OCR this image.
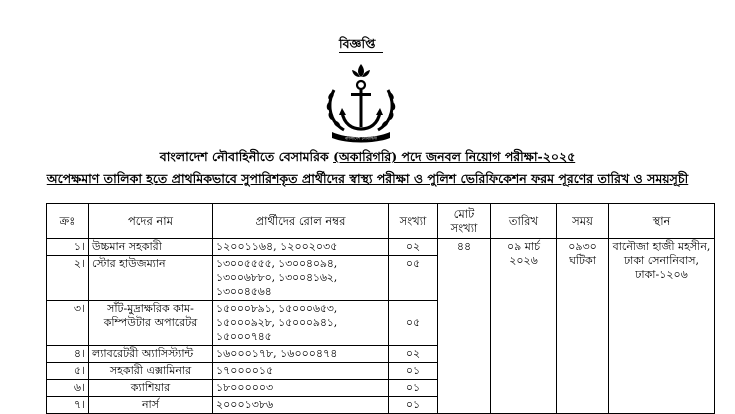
বিজ্ঞপ্তি
বাংলাদেশ নৌবাহিনী
বাংলাদেশ নৌবাহিনীতে বেসামরিক (অকারিগরি) পদে জনবল নিয়োগ পরীক্ষা-২০২৫
অপেক্ষমাণ তালিকা হতে প্রাথমিকভাবে সুপারিশকৃত প্রার্থীদের স্বাস্থ্য পরীক্ষা ও পুলিশ ভেরিফিকেশন ফরম পূরণের তারিখ ও সময়সূচী
ক্রঃ	পদের নাম	প্রার্থীদের রোল নম্বর	সংখ্যা	মোট সংখ্যা	তারিখ	সময়	স্থান
১।	উচ্চমান সহকারী	১২০০১১৬৪, ১২০০২০৩৫	০২	৪৪	০৯ মার্চ ২০২৬	০৯৩০ ঘটিকা	বানৌজা হাজী মহসীন, ঢাকা সেনানিবাস, ঢাকা-১২০৬
২।	স্টোর হাউজম্যান	১৩০০৫৫৫৫, ১৩০০৪০৯৪, ১৩০০৬৮৮০, ১৩০০৪১৬২, ১৩০০৪৫৬৪	০৫				
৩।	সাঁট-মুদ্রাক্ষরিক কাম-কম্পিউটার অপারেটর	১৫০০০৮৯১, ১৫০০০৬৫৩, ১৫০০০৯২৮, ১৫০০০৯৪১, ১৫০০০৭৪৫	০৫				
৪।	ল্যাবরেটরী অ্যাসিস্ট্যান্ট	১৬০০০১৭৮, ১৬০০০৪৭৪	০২				
৫।	সহকারী এক্সামিনার	১৭০০০০১৫	০১				
৬।	ক্যাশিয়ার	১৮০০০০০৩	০১				
৭।	নার্স	২০০০১৩৮৬	০১				
